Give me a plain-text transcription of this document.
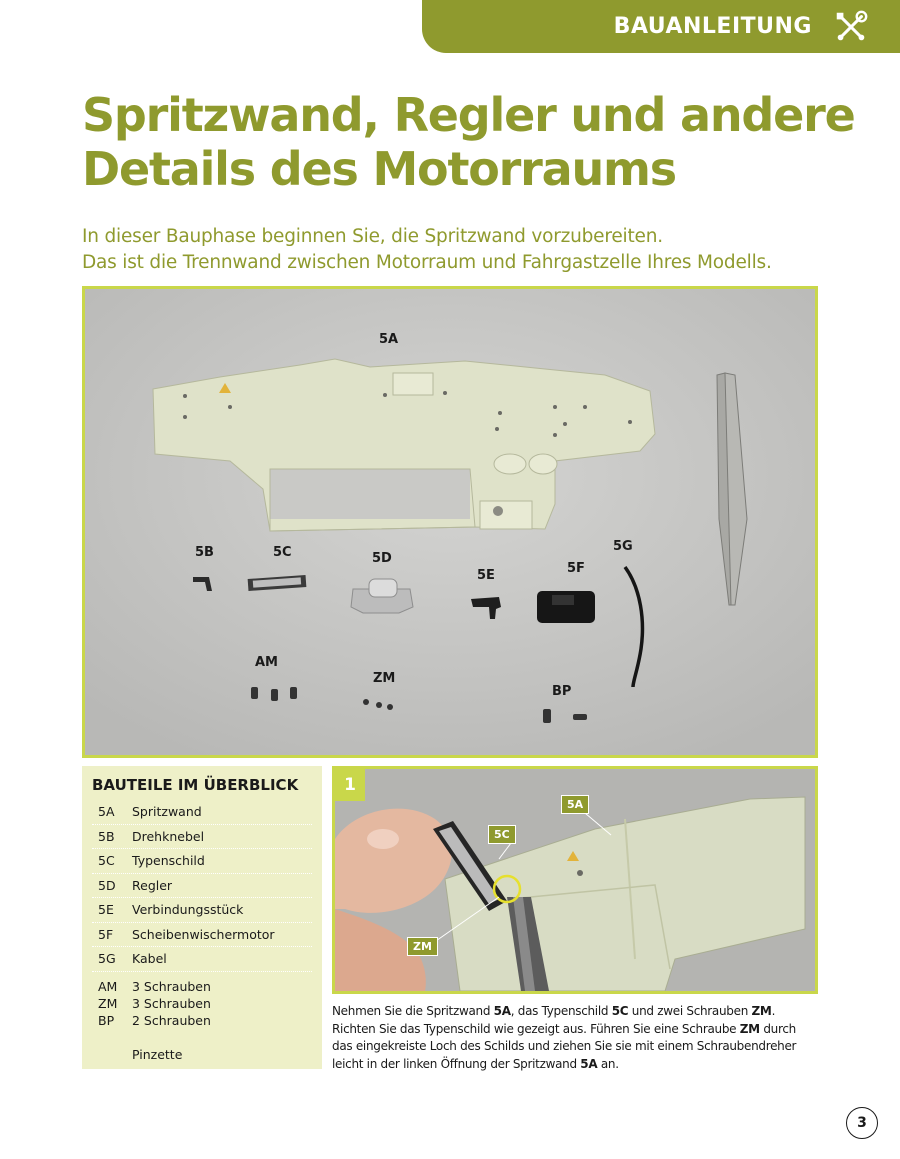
BAUANLEITUNG
Spritzwand, Regler und andere
Details des Motorraums

In dieser Bauphase beginnen Sie, die Spritzwand vorzubereiten.
Das ist die Trennwand zwischen Motorraum und Fahrgastzelle Ihres Modells.

5A
5B	5C	5D
5E	5F
5G
AM
ZM
BP
BAUTEILE IM ÜBERBLICK
5A	Spritzwand
5B	Drehknebel
5C	Typenschild
5D	Regler
5E	Verbindungsstück
5F	Scheibenwischermotor
5G	Kabel
AM	3 Schrauben
ZM	3 Schrauben
BP	2 Schrauben
Pinzette
1
5A
5C
ZM

Nehmen Sie die Spritzwand 5A, das Typenschild 5C und zwei Schrauben ZM. Richten Sie das Typenschild wie gezeigt aus. Führen Sie eine Schraube ZM durch das eingekreiste Loch des Schilds und ziehen Sie sie mit einem Schraubendreher leicht in der linken Öffnung der Spritzwand 5A an.

3
